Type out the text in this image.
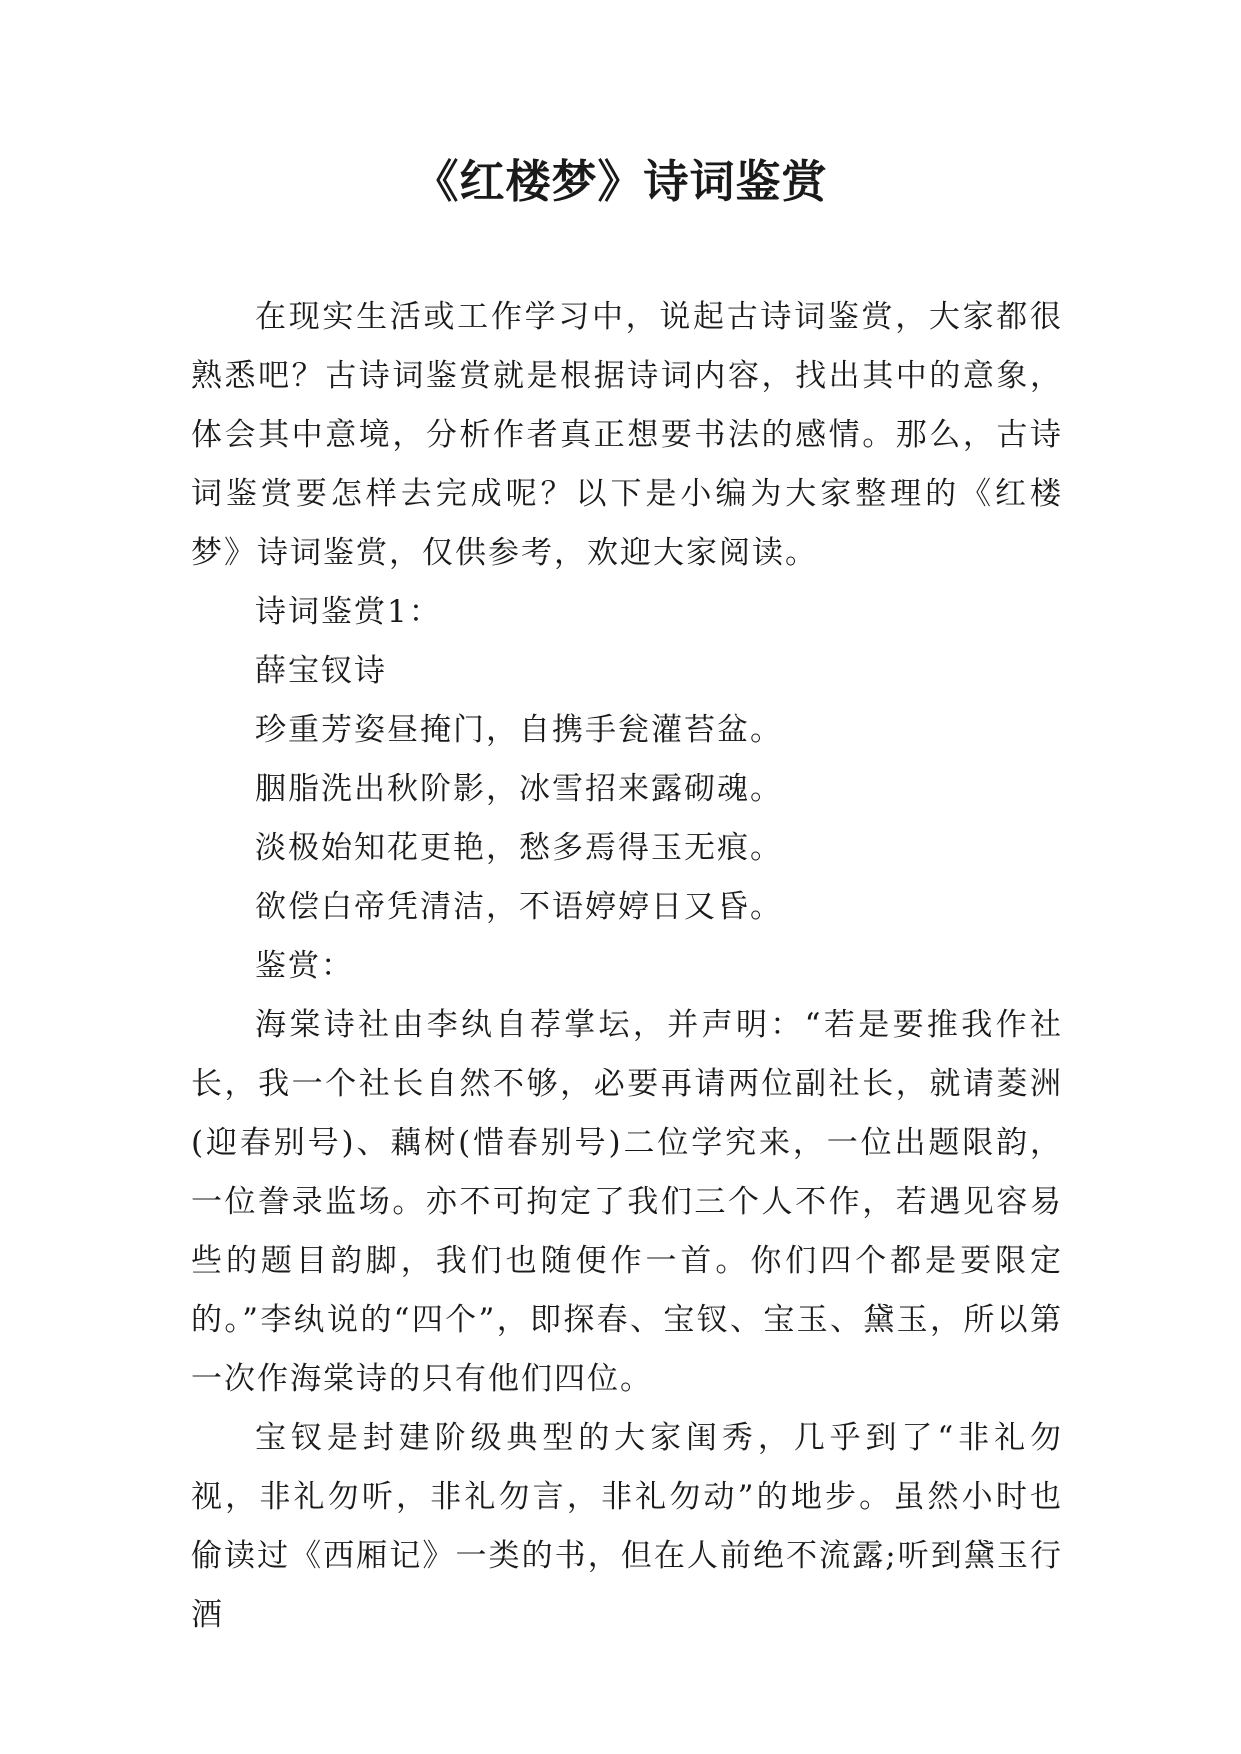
《红楼梦》诗词鉴赏

在现实生活或工作学习中，说起古诗词鉴赏，大家都很熟悉吧？古诗词鉴赏就是根据诗词内容，找出其中的意象，体会其中意境，分析作者真正想要书法的感情。那么，古诗词鉴赏要怎样去完成呢？以下是小编为大家整理的《红楼梦》诗词鉴赏，仅供参考，欢迎大家阅读。

诗词鉴赏1：

薛宝钗诗

珍重芳姿昼掩门，自携手瓮灌苔盆。

胭脂洗出秋阶影，冰雪招来露砌魂。

淡极始知花更艳，愁多焉得玉无痕。

欲偿白帝凭清洁，不语婷婷日又昏。

鉴赏：

海棠诗社由李纨自荐掌坛，并声明：“若是要推我作社长，我一个社长自然不够，必要再请两位副社长，就请菱洲(迎春别号)、藕树(惜春别号)二位学究来，一位出题限韵，一位誊录监场。亦不可拘定了我们三个人不作，若遇见容易些的题目韵脚，我们也随便作一首。你们四个都是要限定的。”李纨说的“四个”，即探春、宝钗、宝玉、黛玉，所以第一次作海棠诗的只有他们四位。

宝钗是封建阶级典型的大家闺秀，几乎到了“非礼勿视，非礼勿听，非礼勿言，非礼勿动”的地步。虽然小时也偷读过《西厢记》一类的书，但在人前绝不流露;听到黛玉行酒
